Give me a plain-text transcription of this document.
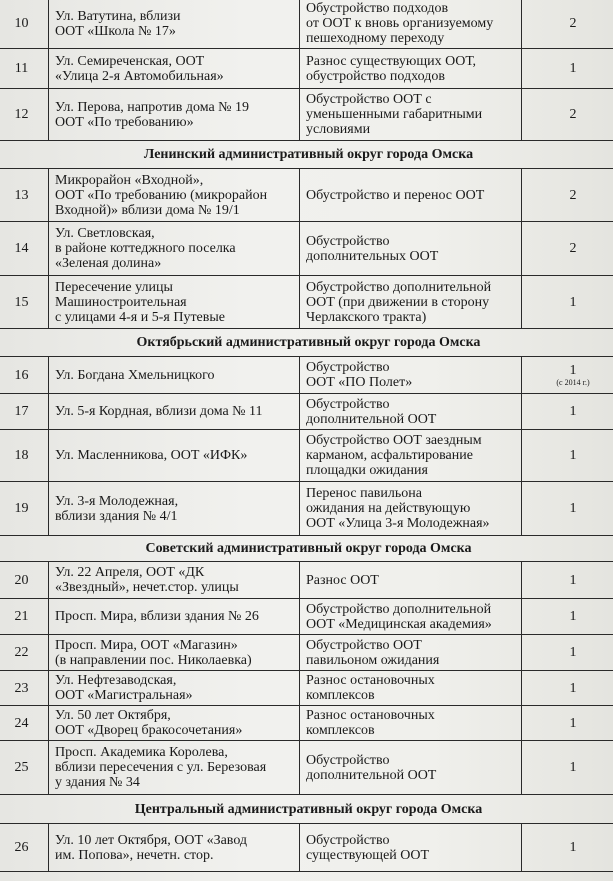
10	Ул. Ватутина, вблизи
ООТ «Школа № 17»	Обустройство подходов
от ООТ к вновь организуемому
пешеходному переходу	2
11	Ул. Семиреченская, ООТ
«Улица 2-я Автомобильная»	Разнос существующих ООТ,
обустройство подходов	1
12	Ул. Перова, напротив дома № 19
ООТ «По требованию»	Обустройство ООТ с
уменьшенными габаритными
условиями	2
Ленинский административный округ города Омска			
13	Микрорайон «Входной»,
ООТ «По требованию (микрорайон
Входной)» вблизи дома № 19/1	Обустройство и перенос ООТ	2
14	Ул. Светловская,
в районе коттеджного поселка
«Зеленая долина»	Обустройство
дополнительных ООТ	2
15	Пересечение улицы
Машиностроительная
с улицами 4-я и 5-я Путевые	Обустройство дополнительной
ООТ (при движении в сторону
Черлакского тракта)	1
Октябрьский административный округ города Омска			
16	Ул. Богдана Хмельницкого	Обустройство
ООТ «ПО Полет»	1
(с 2014 г.)

17	Ул. 5-я Кордная, вблизи дома № 11	Обустройство
дополнительной ООТ	1
18	Ул. Масленникова, ООТ «ИФК»	Обустройство ООТ заездным
карманом, асфальтирование
площадки ожидания	1
19	Ул. 3-я Молодежная,
вблизи здания № 4/1	Перенос павильона
ожидания на действующую
ООТ «Улица 3-я Молодежная»	1
Советский административный округ города Омска			
20	Ул. 22 Апреля, ООТ «ДК
«Звездный», нечет.стор. улицы	Разнос ООТ	1
21	Просп. Мира, вблизи здания № 26	Обустройство дополнительной
ООТ «Медицинская академия»	1
22	Просп. Мира, ООТ «Магазин»
(в направлении пос. Николаевка)	Обустройство ООТ
павильоном ожидания	1
23	Ул. Нефтезаводская,
ООТ «Магистральная»	Разнос остановочных
комплексов	1
24	Ул. 50 лет Октября,
ООТ «Дворец бракосочетания»	Разнос остановочных
комплексов	1
25	Просп. Академика Королева,
вблизи пересечения с ул. Березовая
у здания № 34	Обустройство
дополнительной ООТ	1
Центральный административный округ города Омска			
26	Ул. 10 лет Октября, ООТ «Завод
им. Попова», нечетн. стор.	Обустройство
существующей ООТ	1
